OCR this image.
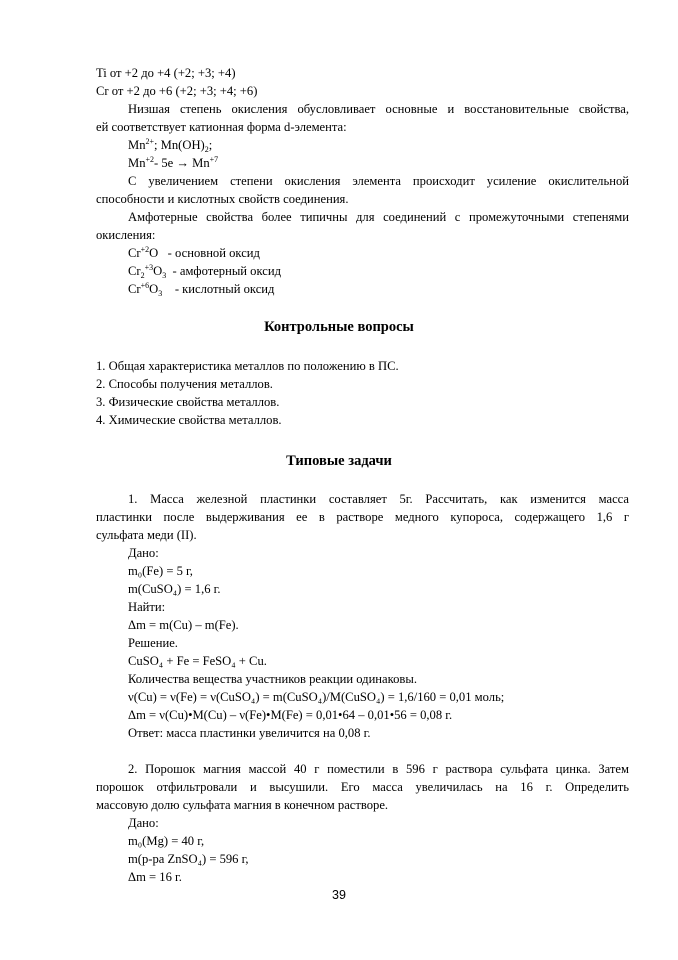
Ti от +2 до +4 (+2; +3; +4)
Cr от +2 до +6 (+2; +3; +4; +6)
Низшая степень окисления обусловливает основные и восстановительные свойства,
ей соответствует катионная форма d-элемента:
$Mn^{2+}$; $Mn(OH)_2$;
$Mn^{+2}-$ $5e \to Mn^{+7}$
С увеличением степени окисления элемента происходит усиление окислительной
способности и кислотных свойств соединения.
Амфотерные свойства более типичны для соединений с промежуточными степенями
окисления:
$Cr^{+2}O$   - основной оксид
$Cr_2^{+3}O_3$  - амфотерный оксид
$Cr^{+6}O_3$    - кислотный оксид
Контрольные вопросы
1. Общая характеристика металлов по положению в ПС.
2. Способы получения металлов.
3. Физические свойства металлов.
4. Химические свойства металлов.
Типовые задачи
1. Масса железной пластинки составляет 5г. Рассчитать, как изменится масса
пластинки после выдерживания ее в растворе медного купороса, содержащего 1,6 г
сульфата меди (II).
Дано:
m₀(Fe) = 5 г,
m(CuSO₄) = 1,6 г.
Найти:
Δm = m(Cu) – m(Fe).
Решение.
CuSO₄ + Fe = FeSO₄ + Cu.
Количества вещества участников реакции одинаковы.
ν(Cu) = ν(Fe) = ν(CuSO₄) = m(CuSO₄)/M(CuSO₄) = 1,6/160 = 0,01 моль;
Δm = ν(Cu)•M(Cu) – ν(Fe)•M(Fe) = 0,01•64 – 0,01•56 = 0,08 г.
Ответ: масса пластинки увеличится на 0,08 г.
2. Порошок магния массой 40 г поместили в 596 г раствора сульфата цинка. Затем
порошок отфильтровали и высушили. Его масса увеличилась на 16 г. Определить
массовую долю сульфата магния в конечном растворе.
Дано:
m₀(Mg) = 40 г,
m(р-ра ZnSO₄) = 596 г,
Δm = 16 г.
39
